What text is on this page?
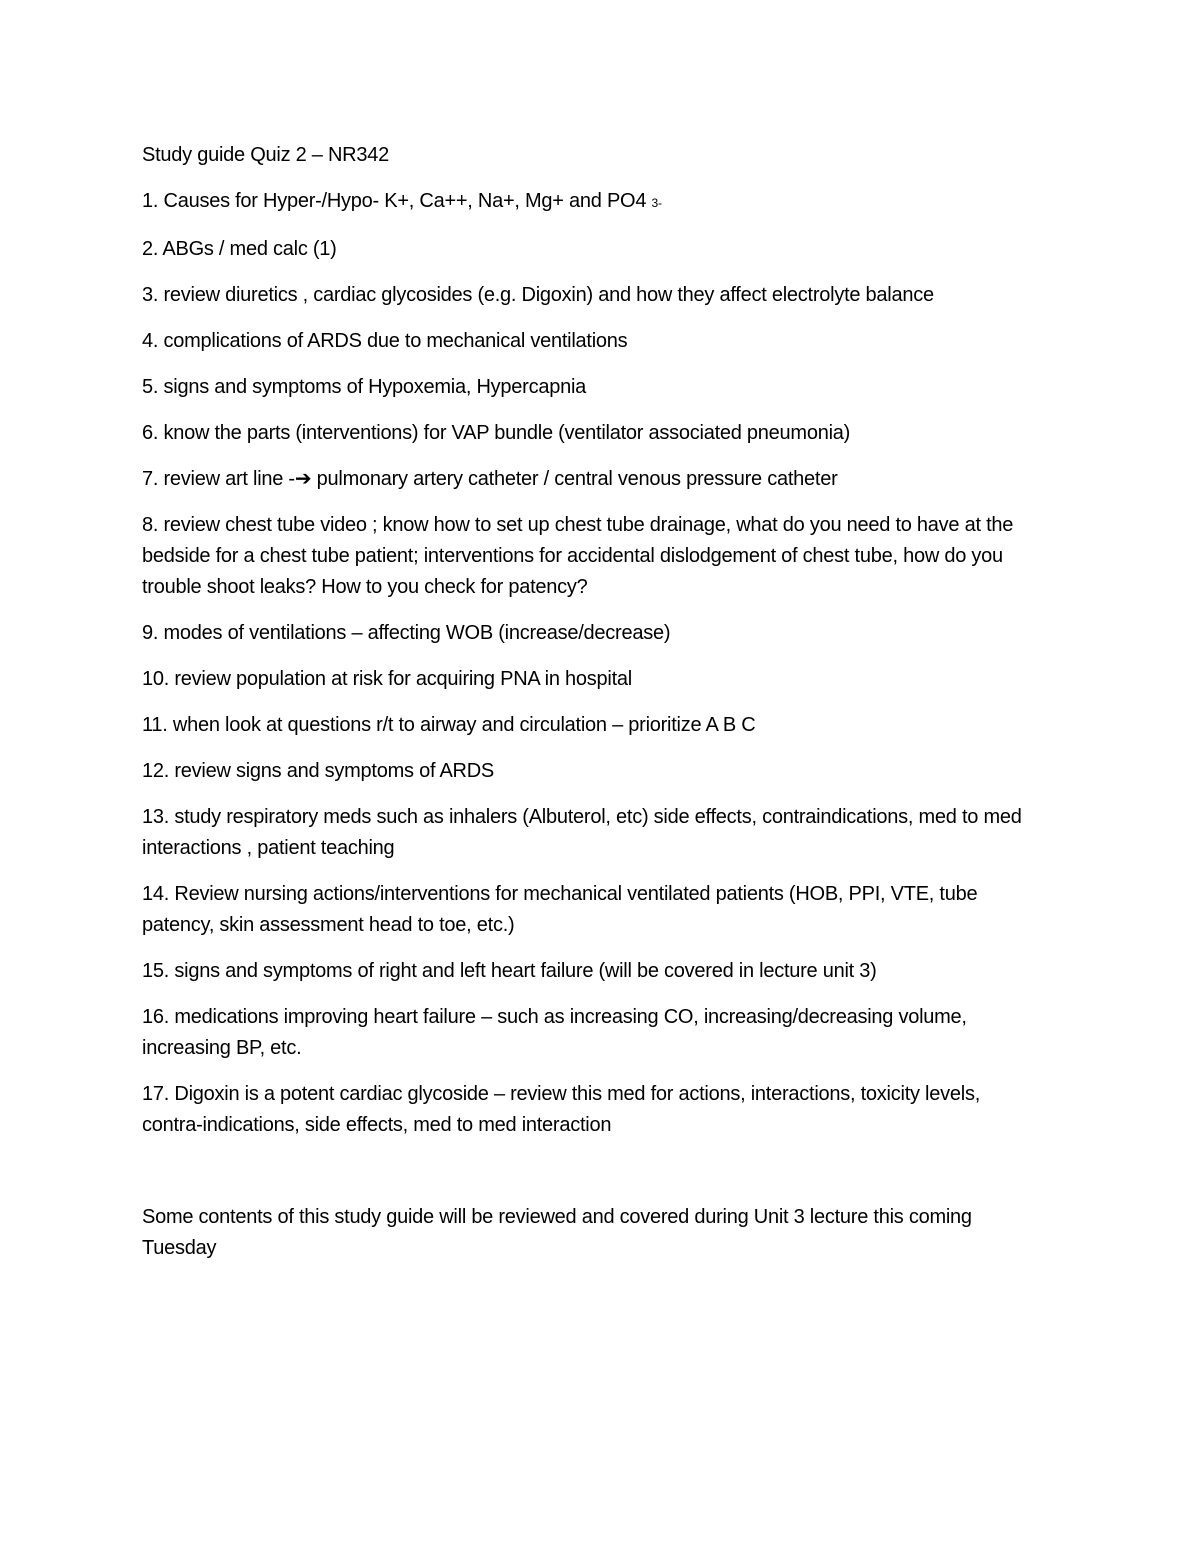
Study guide Quiz 2 – NR342
1. Causes for Hyper-/Hypo- K+, Ca++, Na+, Mg+ and PO4 3-
2. ABGs / med calc (1)
3. review diuretics , cardiac glycosides (e.g. Digoxin) and how they affect electrolyte balance
4. complications of ARDS due to mechanical ventilations
5. signs and symptoms of Hypoxemia, Hypercapnia
6. know the parts (interventions) for VAP bundle (ventilator associated pneumonia)
7. review art line -➔ pulmonary artery catheter / central venous pressure catheter
8. review chest tube video ; know how to set up chest tube drainage, what do you need to have at the bedside for a chest tube patient; interventions for accidental dislodgement of chest tube, how do you trouble shoot leaks? How to you check for patency?
9. modes of ventilations – affecting WOB (increase/decrease)
10. review population at risk for acquiring PNA in hospital
11. when look at questions r/t to airway and circulation – prioritize A B C
12. review signs and symptoms of ARDS
13. study respiratory meds such as inhalers (Albuterol, etc) side effects, contraindications, med to med interactions , patient teaching
14. Review nursing actions/interventions for mechanical ventilated patients (HOB, PPI, VTE, tube patency, skin assessment head to toe, etc.)
15. signs and symptoms of right and left heart failure (will be covered in lecture unit 3)
16. medications improving heart failure – such as increasing CO, increasing/decreasing volume, increasing BP, etc.
17. Digoxin is a potent cardiac glycoside – review this med for actions, interactions, toxicity levels, contra-indications, side effects, med to med interaction
Some contents of this study guide will be reviewed and covered during Unit 3 lecture this coming Tuesday
